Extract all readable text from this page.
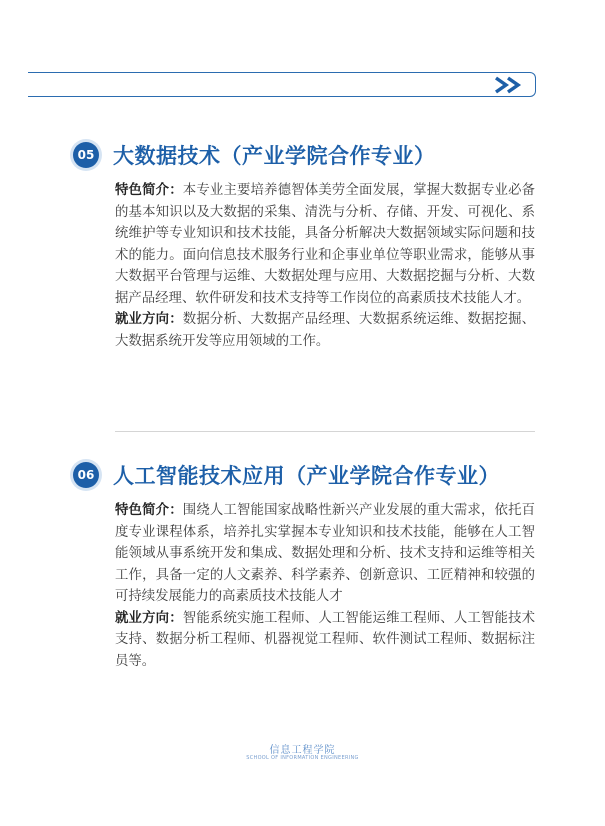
05 大数据技术（产业学院合作专业）

特色简介：本专业主要培养德智体美劳全面发展，掌握大数据专业必备的基本知识以及大数据的采集、清洗与分析、存储、开发、可视化、系统维护等专业知识和技术技能，具备分析解决大数据领域实际问题和技术的能力。面向信息技术服务行业和企事业单位等职业需求，能够从事大数据平台管理与运维、大数据处理与应用、大数据挖掘与分析、大数据产品经理、软件研发和技术支持等工作岗位的高素质技术技能人才。

就业方向：数据分析、大数据产品经理、大数据系统运维、数据挖掘、大数据系统开发等应用领域的工作。

06 人工智能技术应用（产业学院合作专业）

特色简介：围绕人工智能国家战略性新兴产业发展的重大需求，依托百度专业课程体系，培养扎实掌握本专业知识和技术技能，能够在人工智能领域从事系统开发和集成、数据处理和分析、技术支持和运维等相关工作，具备一定的人文素养、科学素养、创新意识、工匠精神和较强的可持续发展能力的高素质技术技能人才

就业方向：智能系统实施工程师、人工智能运维工程师、人工智能技术支持、数据分析工程师、机器视觉工程师、软件测试工程师、数据标注员等。

信息工程学院
SCHOOL OF INFORMATION ENGINEERING
